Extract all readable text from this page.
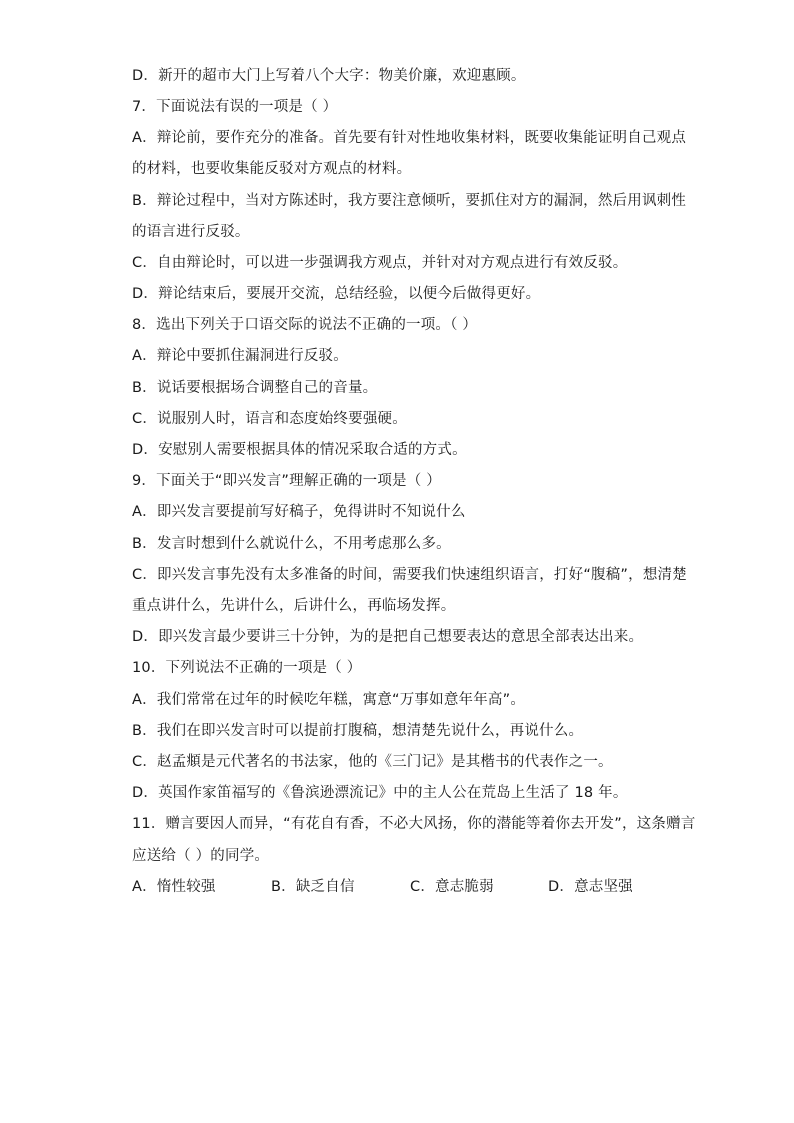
D．新开的超市大门上写着八个大字：物美价廉，欢迎惠顾。
7．下面说法有误的一项是（ ）
A．辩论前，要作充分的准备。首先要有针对性地收集材料，既要收集能证明自己观点
的材料，也要收集能反驳对方观点的材料。
B．辩论过程中，当对方陈述时，我方要注意倾听，要抓住对方的漏洞，然后用讽刺性
的语言进行反驳。
C．自由辩论时，可以进一步强调我方观点，并针对对方观点进行有效反驳。
D．辩论结束后，要展开交流，总结经验，以便今后做得更好。
8．选出下列关于口语交际的说法不正确的一项。（ ）
A．辩论中要抓住漏洞进行反驳。
B．说话要根据场合调整自己的音量。
C．说服别人时，语言和态度始终要强硬。
D．安慰别人需要根据具体的情况采取合适的方式。
9．下面关于“即兴发言”理解正确的一项是（ ）
A．即兴发言要提前写好稿子，免得讲时不知说什么
B．发言时想到什么就说什么，不用考虑那么多。
C．即兴发言事先没有太多准备的时间，需要我们快速组织语言，打好“腹稿”，想清楚
重点讲什么，先讲什么，后讲什么，再临场发挥。
D．即兴发言最少要讲三十分钟，为的是把自己想要表达的意思全部表达出来。
10．下列说法不正确的一项是（ ）
A．我们常常在过年的时候吃年糕，寓意“万事如意年年高”。
B．我们在即兴发言时可以提前打腹稿，想清楚先说什么，再说什么。
C．赵孟頫是元代著名的书法家，他的《三门记》是其楷书的代表作之一。
D．英国作家笛福写的《鲁滨逊漂流记》中的主人公在荒岛上生活了 18 年。
11．赠言要因人而异，“有花自有香，不必大风扬，你的潜能等着你去开发”，这条赠言
应送给（ ）的同学。
A．惰性较强	B．缺乏自信	C．意志脆弱	D．意志坚强
